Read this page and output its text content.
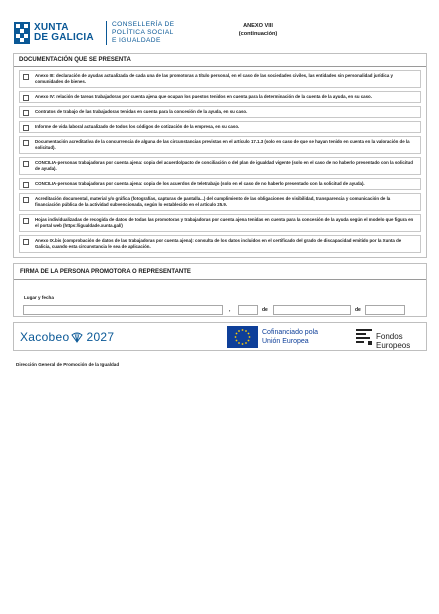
XUNTA
DE GALICIA
CONSELLERÍA DE
POLÍTICA SOCIAL
E IGUALDADE
ANEXO VIII
(continuación)
DOCUMENTACIÓN QUE SE PRESENTA
Anexo III: declaración de ayudas actualizada de cada una de las promotoras a título personal, en el caso de las sociedades civiles, las entidades sin personalidad jurídica y comunidades de bienes.
Anexo IV: relación de tareas trabajadoras por cuenta ajena que ocupan los puestos tenidos en cuenta para la determinación de la cuenta de la ayuda, en su caso.
Contratos de trabajo de las trabajadoras tenidas en cuenta para la concesión de la ayuda, en su caso.
Informe de vida laboral actualizado de todos los códigos de cotización de la empresa, en su caso.
Documentación acreditativa de la concurrencia de alguna de las circunstancias previstas en el artículo 17.1.3 (solo en caso de que se hayan tenido en cuenta en la valoración de la solicitud).
CONCILIA-personas trabajadoras por cuenta ajena: copia del acuerdo/pacto de conciliación o del plan de igualdad vigente (solo en el caso de no haberlo presentado con la solicitud de ayuda).
CONCILIA-personas trabajadoras por cuenta ajena: copia de los acuerdos de teletrabajo (solo en el caso de no haberlo presentado con la solicitud de ayuda).
Acreditación documental, material y/o gráfica (fotografías, capturas de pantalla...) del cumplimiento de las obligaciones de visibilidad, transparencia y comunicación de la financiación pública de la actividad subvencionada, según lo establecido en el artículo 25.9.
Hojas individualizadas de recogida de datos de todas las promotoras y trabajadoras por cuenta ajena tenidas en cuenta para la concesión de la ayuda según el modelo que figura en el portal web (https://igualdade.xunta.gal/)
Anexo IX.bis (comprobación de datos de las trabajadoras por cuenta ajena): consulta de los datos incluidos en el certificado del grado de discapacidad emitido por la Xunta de Galicia, cuando esta circunstancia le sea de aplicación.
FIRMA DE LA PERSONA PROMOTORA O REPRESENTANTE
Lugar y fecha
,	de	de
Xacobeo 2027	Cofinanciado pola
Unión Europea
Fondos Europeos
Dirección General de Promoción de la Igualdad
